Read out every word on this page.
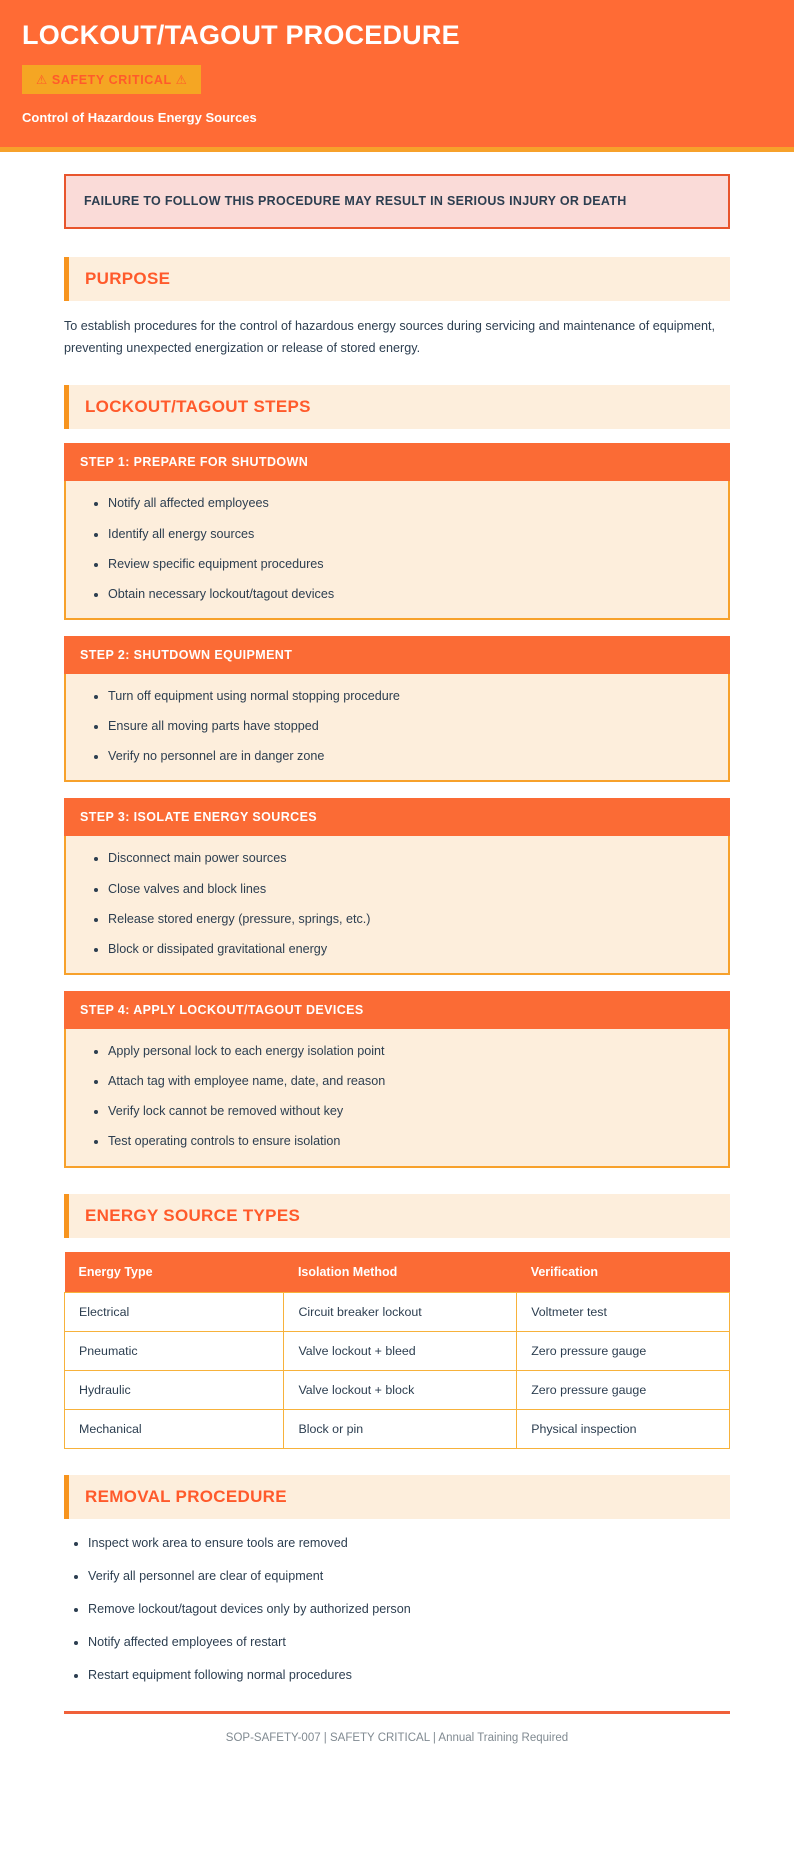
LOCKOUT/TAGOUT PROCEDURE
⚠ SAFETY CRITICAL ⚠

Control of Hazardous Energy Sources

FAILURE TO FOLLOW THIS PROCEDURE MAY RESULT IN SERIOUS INJURY OR DEATH
PURPOSE

To establish procedures for the control of hazardous energy sources during servicing and maintenance of equipment, preventing unexpected energization or release of stored energy.

LOCKOUT/TAGOUT STEPS
STEP 1: PREPARE FOR SHUTDOWN
• Notify all affected employees
• Identify all energy sources
• Review specific equipment procedures
• Obtain necessary lockout/tagout devices
STEP 2: SHUTDOWN EQUIPMENT
• Turn off equipment using normal stopping procedure
• Ensure all moving parts have stopped
• Verify no personnel are in danger zone
STEP 3: ISOLATE ENERGY SOURCES
• Disconnect main power sources
• Close valves and block lines
• Release stored energy (pressure, springs, etc.)
• Block or dissipated gravitational energy
STEP 4: APPLY LOCKOUT/TAGOUT DEVICES
• Apply personal lock to each energy isolation point
• Attach tag with employee name, date, and reason
• Verify lock cannot be removed without key
• Test operating controls to ensure isolation
ENERGY SOURCE TYPES
Energy Type	Isolation Method	Verification
Electrical	Circuit breaker lockout	Voltmeter test
Pneumatic	Valve lockout + bleed	Zero pressure gauge
Hydraulic	Valve lockout + block	Zero pressure gauge
Mechanical	Block or pin	Physical inspection
REMOVAL PROCEDURE
• Inspect work area to ensure tools are removed
• Verify all personnel are clear of equipment
• Remove lockout/tagout devices only by authorized person
• Notify affected employees of restart
• Restart equipment following normal procedures
SOP-SAFETY-007 | SAFETY CRITICAL | Annual Training Required
